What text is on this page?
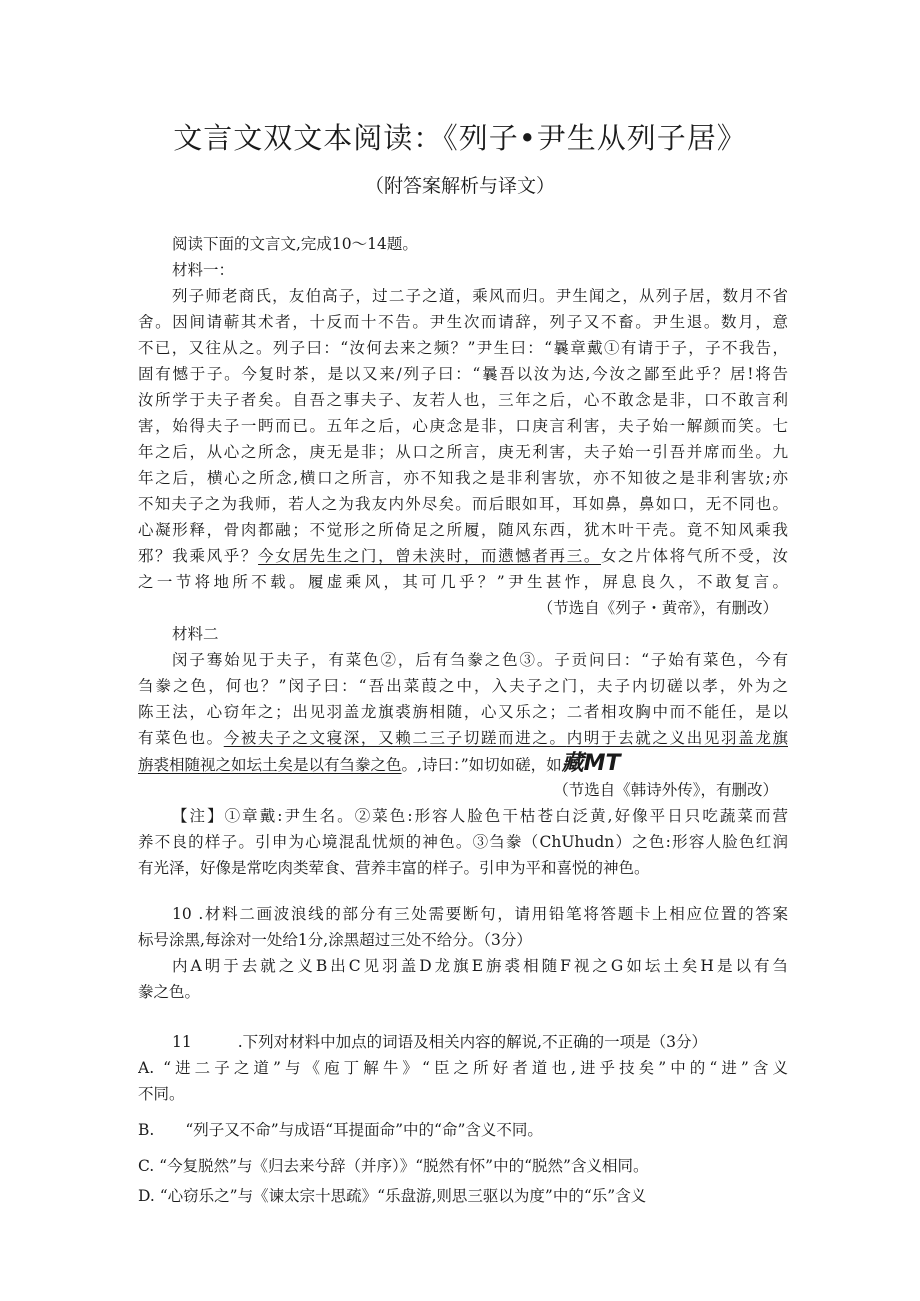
文言文双文本阅读：《列子•尹生从列子居》
（附答案解析与译文）
阅读下面的文言文,完成10～14题。
材料一：
列子师老商氏，友伯高子，过二子之道，乘风而归。尹生闻之，从列子居，数月不省
舍。因间请蕲其术者，十反而十不告。尹生次而请辞，列子又不畜。尹生退。数月，意
不已，又往从之。列子曰：“汝何去来之频？”尹生曰：“曩章戴①有请于子，子不我告，
固有憾于子。今复时茶，是以又来/列子曰：“曩吾以汝为达,今汝之鄙至此乎？居!将告
汝所学于夫子者矣。自吾之事夫子、友若人也，三年之后，心不敢念是非，口不敢言利
害，始得夫子一眄而已。五年之后，心庚念是非，口庚言利害，夫子始一解颜而笑。七
年之后，从心之所念，庚无是非；从口之所言，庚无利害，夫子始一引吾并席而坐。九
年之后，横心之所念,横口之所言，亦不知我之是非利害欤，亦不知彼之是非利害欤;亦
不知夫子之为我师，若人之为我友内外尽矣。而后眼如耳，耳如鼻，鼻如口，无不同也。
心凝形释，骨肉都融；不觉形之所倚足之所履，随风东西，犹木叶干壳。竟不知风乘我
邪？我乘风乎？今女居先生之门，曾未浃时，而懑憾者再三。女之片体将气所不受，汝
之一节将地所不载。履虚乘风，其可几乎？”尹生甚怍，屏息良久，不敢复言。
（节选自《列子・黄帝》，有删改）
材料二
闵子骞始见于夫子，有菜色②，后有刍豢之色③。子贡问曰：“子始有菜色，今有
刍豢之色，何也？”闵子曰：“吾出菜葭之中，入夫子之门，夫子内切磋以孝，外为之
陈王法，心窃年之；出见羽盖龙旗裘旃相随，心又乐之；二者相攻胸中而不能任，是以
有菜色也。今被夫子之文寝深，又赖二三子切蹉而进之。内明于去就之义出见羽盖龙旗
旃裘相随视之如坛土矣是以有刍豢之色。,诗曰：”如切如磋，如藏MT
（节选自《韩诗外传》，有删改）
【注】①章戴:尹生名。②菜色:形容人脸色干枯苍白泛黄,好像平日只吃蔬菜而营
养不良的样子。引申为心境混乱忧烦的神色。③刍豢（ChUhudn）之色:形容人脸色红润
有光泽，好像是常吃肉类荤食、营养丰富的样子。引申为平和喜悦的神色。
10 .材料二画波浪线的部分有三处需要断句，请用铅笔将答题卡上相应位置的答案
标号涂黑,每涂对一处给1分,涂黑超过三处不给分。（3分）
内A明于去就之义B出C见羽盖D龙旗E旃裘相随F视之G如坛土矣H是以有刍
豢之色。
11	.下列对材料中加点的词语及相关内容的解说,不正确的一项是（3分）
A. “进二子之道”与《庖丁解牛》“臣之所好者道也,进乎技矣”中的“进”含义
不同。
B.　　“列子又不命”与成语“耳提面命”中的“命”含义不同。
C. “今复脱然”与《归去来兮辞（并序）》“脱然有怀”中的“脱然”含义相同。
D. “心窃乐之”与《谏太宗十思疏》“乐盘游,则思三驱以为度”中的“乐”含义
